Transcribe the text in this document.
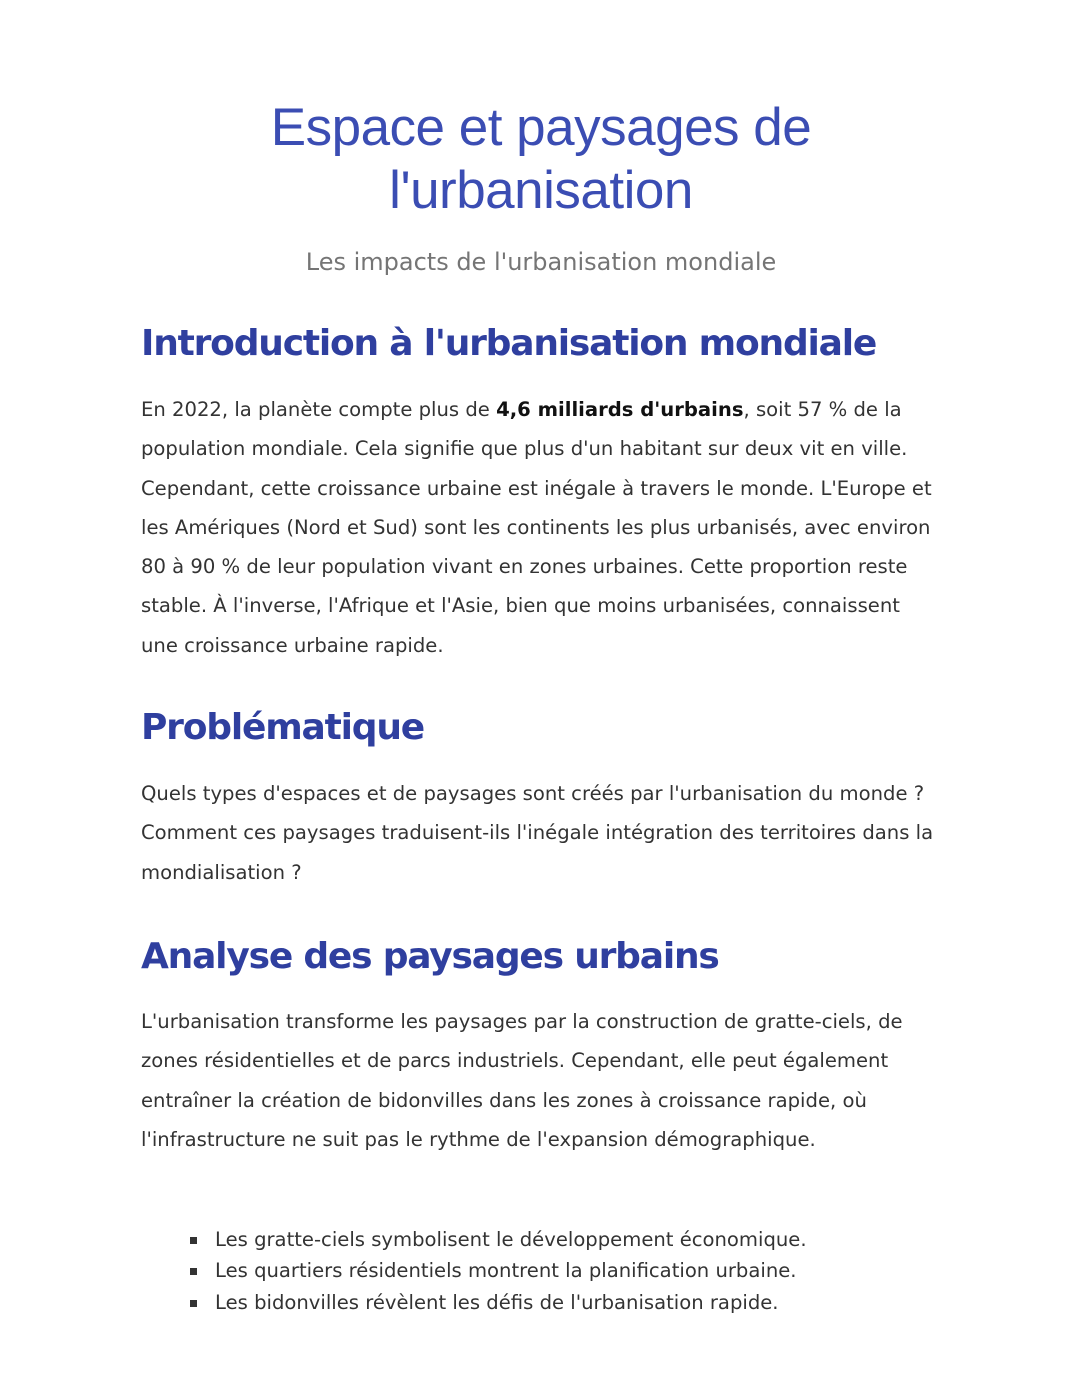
Espace et paysages de l'urbanisation
Les impacts de l'urbanisation mondiale
Introduction à l'urbanisation mondiale

En 2022, la planète compte plus de 4,6 milliards d'urbains, soit 57 % de la population mondiale. Cela signifie que plus d'un habitant sur deux vit en ville. Cependant, cette croissance urbaine est inégale à travers le monde. L'Europe et les Amériques (Nord et Sud) sont les continents les plus urbanisés, avec environ 80 à 90 % de leur population vivant en zones urbaines. Cette proportion reste stable. À l'inverse, l'Afrique et l'Asie, bien que moins urbanisées, connaissent une croissance urbaine rapide.

Problématique

Quels types d'espaces et de paysages sont créés par l'urbanisation du monde ? Comment ces paysages traduisent-ils l'inégale intégration des territoires dans la mondialisation ?

Analyse des paysages urbains

L'urbanisation transforme les paysages par la construction de gratte-ciels, de zones résidentielles et de parcs industriels. Cependant, elle peut également entraîner la création de bidonvilles dans les zones à croissance rapide, où l'infrastructure ne suit pas le rythme de l'expansion démographique.

Les gratte-ciels symbolisent le développement économique.
Les quartiers résidentiels montrent la planification urbaine.
Les bidonvilles révèlent les défis de l'urbanisation rapide.
